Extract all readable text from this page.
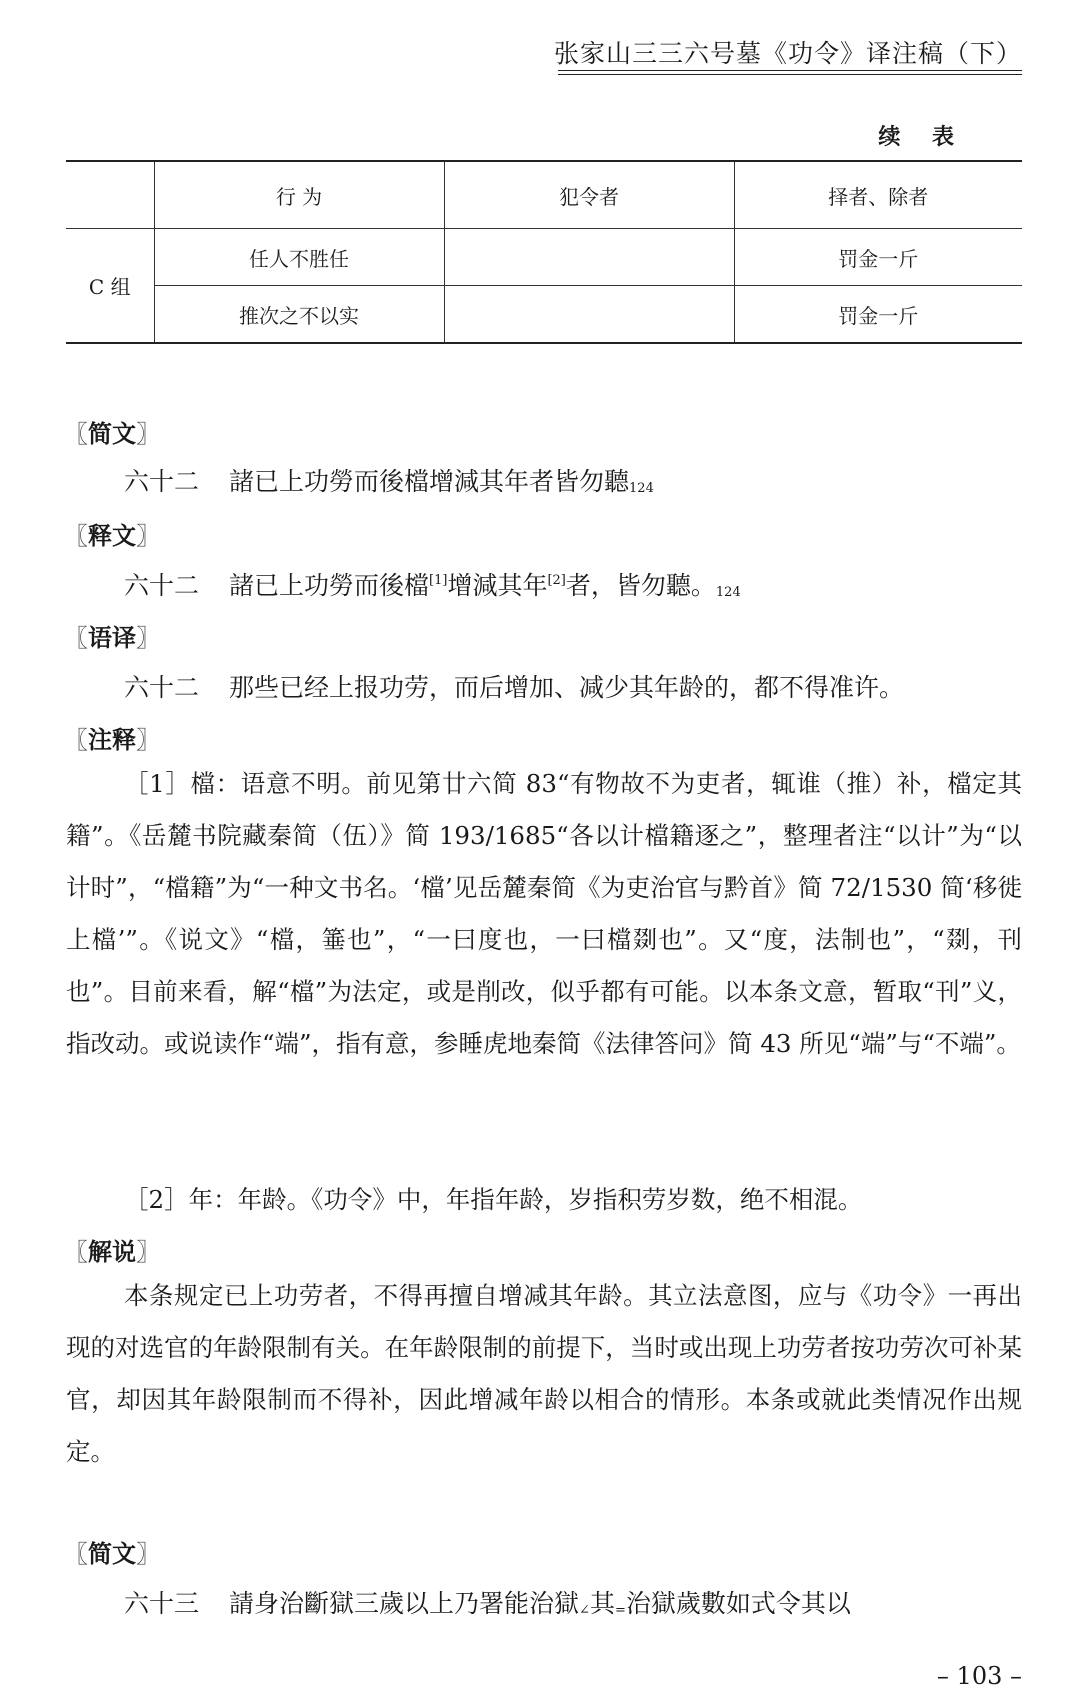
张家山三三六号墓《功令》译注稿（下）
续 表
	行 为	犯令者	择者、除者
C 组	任人不胜任		罚金一斤
	推次之不以实		罚金一斤
〖简文〗
六十二 諸已上功勞而後檔增減其年者皆勿聽124
〖释文〗
六十二 諸已上功勞而後檔[1]增減其年[2]者，皆勿聽。124
〖语译〗
六十二 那些已经上报功劳，而后增加、减少其年龄的，都不得准许。
〖注释〗
［1］檔：语意不明。前见第廿六简 83“有物故不为吏者，辄谁（推）补，檔定其籍”。《岳麓书院藏秦简（伍）》简 193/1685“各以计檔籍逐之”，整理者注“以计”为“以计时”，“檔籍”为“一种文书名。‘檔’见岳麓秦简《为吏治官与黔首》简 72/1530 简‘移徙上檔’”。《说文》“檔，箠也”，“一曰度也，一曰檔剟也”。又“度，法制也”，“剟，刊也”。目前来看，解“檔”为法定，或是削改，似乎都有可能。以本条文意，暂取“刊”义，指改动。或说读作“端”，指有意，参睡虎地秦简《法律答问》简 43 所见“端”与“不端”。
［2］年：年龄。《功令》中，年指年龄，岁指积劳岁数，绝不相混。
〖解说〗
本条规定已上功劳者，不得再擅自增减其年龄。其立法意图，应与《功令》一再出现的对选官的年龄限制有关。在年龄限制的前提下，当时或出现上功劳者按功劳次可补某官，却因其年龄限制而不得补，因此增减年龄以相合的情形。本条或就此类情况作出规定。
〖简文〗
六十三 請身治斷獄三歲以上乃署能治獄∠其=治獄歲數如式令其以
– 103 –
